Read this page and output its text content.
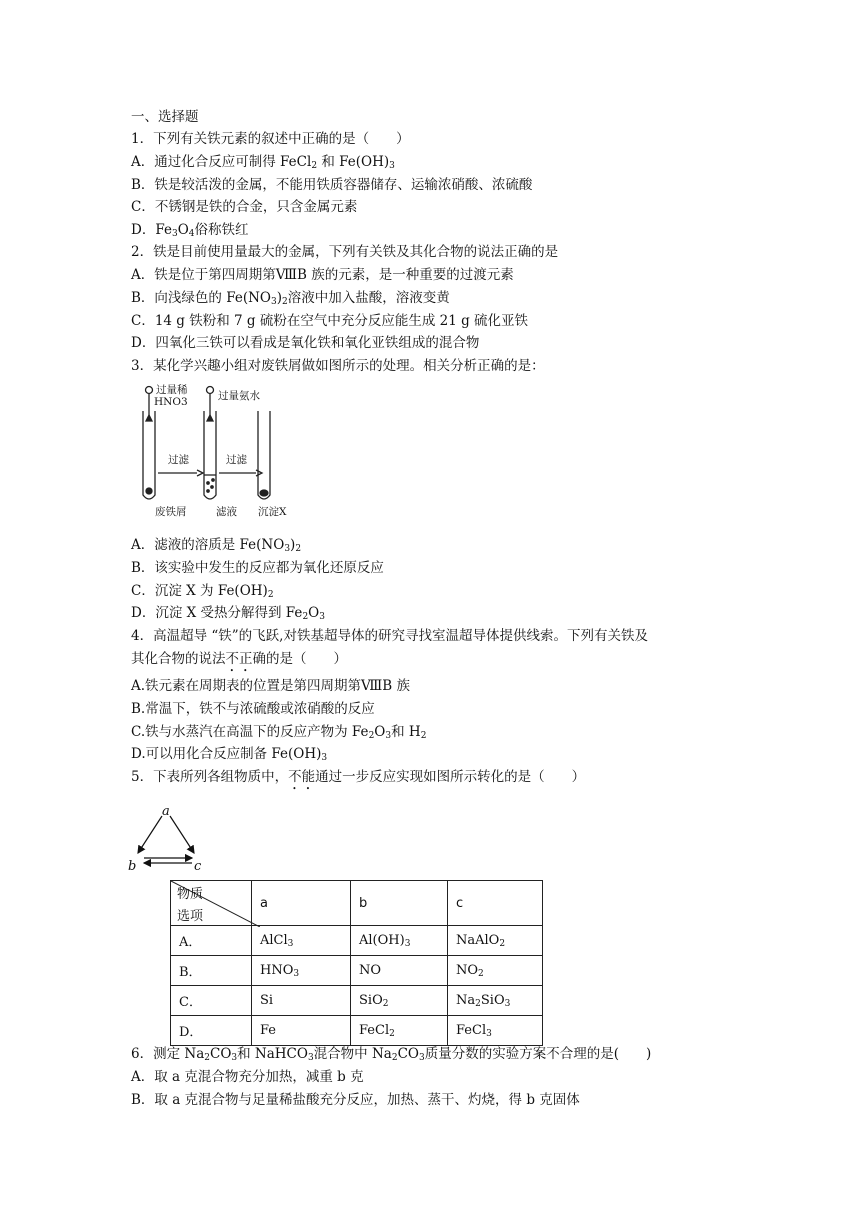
一、选择题
1．下列有关铁元素的叙述中正确的是（　　）
A．通过化合反应可制得 FeCl$_2$ 和 $Fe(OH)_3$
B．铁是较活泼的金属，不能用铁质容器储存、运输浓硝酸、浓硫酸
C．不锈钢是铁的合金，只含金属元素
D．$Fe_3O_4$俗称铁红
2．铁是目前使用量最大的金属，下列有关铁及其化合物的说法正确的是
A．铁是位于第四周期第ⅧB 族的元素，是一种重要的过渡元素
B．向浅绿色的 $Fe(NO_3)_2$溶液中加入盐酸，溶液变黄
C．14 g 铁粉和 7 g 硫粉在空气中充分反应能生成 21 g 硫化亚铁
D．四氧化三铁可以看成是氧化铁和氧化亚铁组成的混合物
3．某化学兴趣小组对废铁屑做如图所示的处理。相关分析正确的是：
过量稀
HNO3	过量氨水
过滤	过滤
废铁屑	滤液 沉淀X
A．滤液的溶质是 $Fe(NO_3)_2$
B．该实验中发生的反应都为氧化还原反应
C．沉淀 X 为 $Fe(OH)_2$
D．沉淀 X 受热分解得到 $Fe_2O_3$
4．高温超导 “铁”的飞跃,对铁基超导体的研究寻找室温超导体提供线索。下列有关铁及
其化合物的说法不正确的是（　　）
A.铁元素在周期表的位置是第四周期第ⅧB 族
B.常温下，铁不与浓硫酸或浓硝酸的反应
C.铁与水蒸汽在高温下的反应产物为 $Fe_2O_3$和 $H_2$
D.可以用化合反应制备 $Fe(OH)_3$
5．下表所列各组物质中，不能通过一步反应实现如图所示转化的是（　　）
a
b	c
物质
选项	a	b	c
A．	AlCl$_3$	$Al(OH)_3$	NaAlO$_2$
B．	$HNO_3$	NO	$NO_2$
C．	Si	SiO$_2$	$Na_2SiO_3$
D．	Fe	FeCl$_2$	FeCl$_3$
6．测定 $Na_2CO_3$和 NaHCO$_3$混合物中 $Na_2CO_3$质量分数的实验方案不合理的是(　　)
A．取 a 克混合物充分加热，减重 b 克
B．取 a 克混合物与足量稀盐酸充分反应，加热、蒸干、灼烧，得 b 克固体
